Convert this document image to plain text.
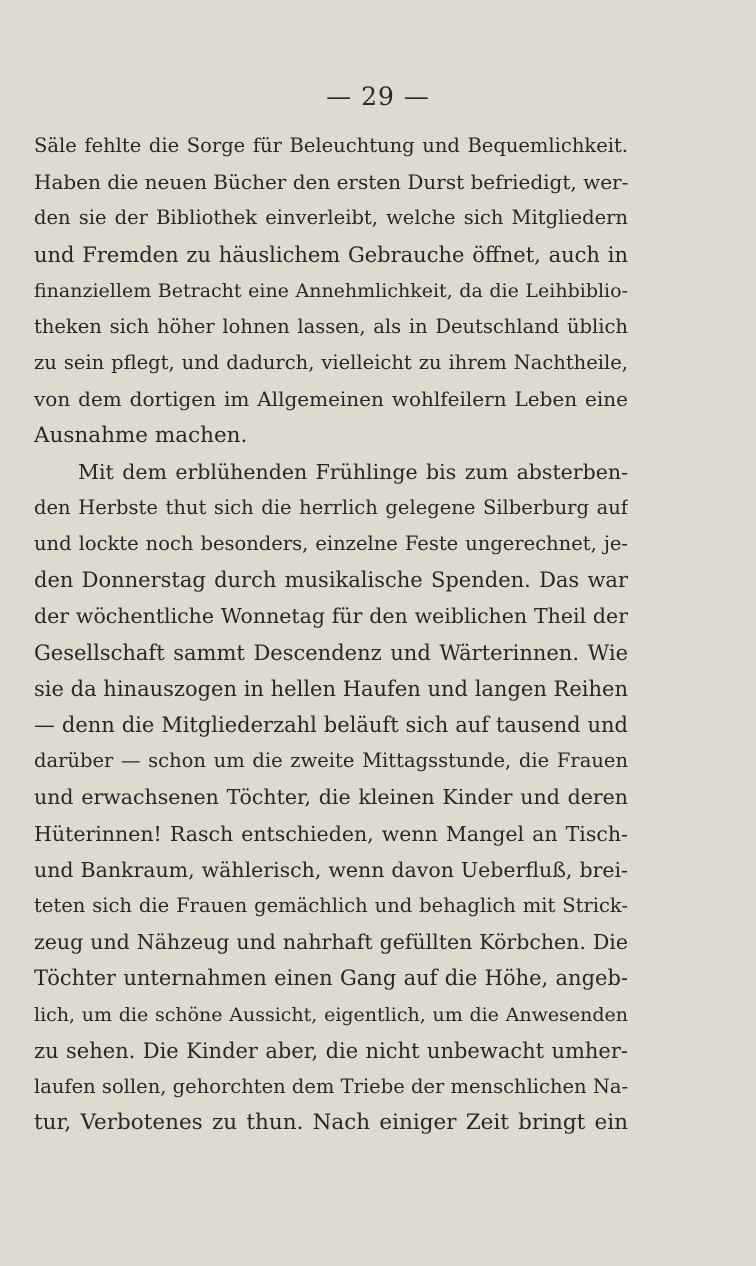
— 29 —
Säle fehlte die Sorge für Beleuchtung und Bequemlichkeit.
Haben die neuen Bücher den ersten Durst befriedigt, wer-
den sie der Bibliothek einverleibt, welche sich Mitgliedern
und Fremden zu häuslichem Gebrauche öffnet, auch in
finanziellem Betracht eine Annehmlichkeit, da die Leihbiblio-
theken sich höher lohnen lassen, als in Deutschland üblich
zu sein pflegt, und dadurch, vielleicht zu ihrem Nachtheile,
von dem dortigen im Allgemeinen wohlfeilern Leben eine
Ausnahme machen.
Mit dem erblühenden Frühlinge bis zum absterben-
den Herbste thut sich die herrlich gelegene Silberburg auf
und lockte noch besonders, einzelne Feste ungerechnet, je-
den Donnerstag durch musikalische Spenden. Das war
der wöchentliche Wonnetag für den weiblichen Theil der
Gesellschaft sammt Descendenz und Wärterinnen. Wie
sie da hinauszogen in hellen Haufen und langen Reihen
— denn die Mitgliederzahl beläuft sich auf tausend und
darüber — schon um die zweite Mittagsstunde, die Frauen
und erwachsenen Töchter, die kleinen Kinder und deren
Hüterinnen! Rasch entschieden, wenn Mangel an Tisch-
und Bankraum, wählerisch, wenn davon Ueberfluß, brei-
teten sich die Frauen gemächlich und behaglich mit Strick-
zeug und Nähzeug und nahrhaft gefüllten Körbchen. Die
Töchter unternahmen einen Gang auf die Höhe, angeb-
lich, um die schöne Aussicht, eigentlich, um die Anwesenden
zu sehen. Die Kinder aber, die nicht unbewacht umher-
laufen sollen, gehorchten dem Triebe der menschlichen Na-
tur, Verbotenes zu thun. Nach einiger Zeit bringt ein
